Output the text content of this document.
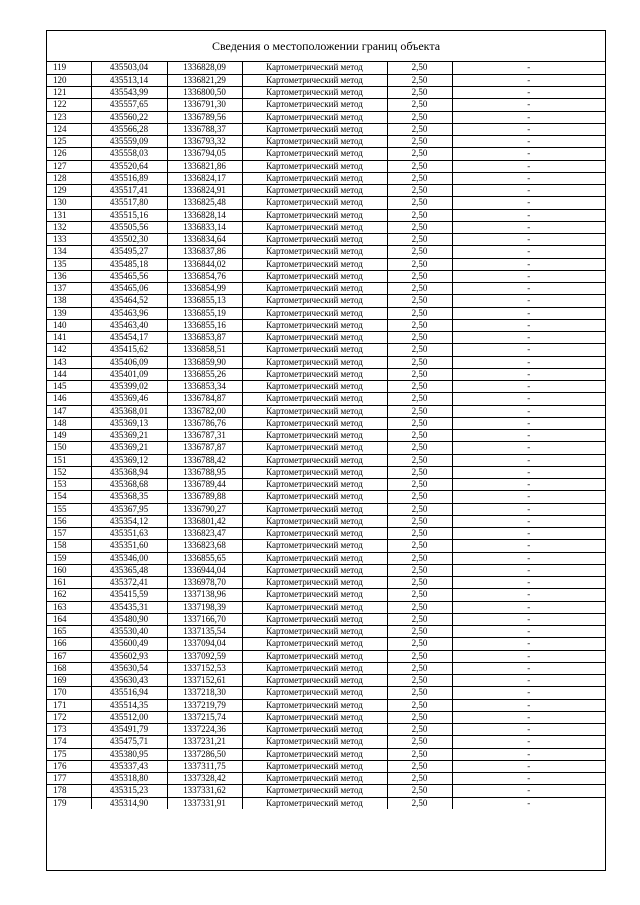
Сведения о местоположении границ объекта
119	435503,04	1336828,09	Картометрический метод	2,50	-
120	435513,14	1336821,29	Картометрический метод	2,50	-
121	435543,99	1336800,50	Картометрический метод	2,50	-
122	435557,65	1336791,30	Картометрический метод	2,50	-
123	435560,22	1336789,56	Картометрический метод	2,50	-
124	435566,28	1336788,37	Картометрический метод	2,50	-
125	435559,09	1336793,32	Картометрический метод	2,50	-
126	435558,03	1336794,05	Картометрический метод	2,50	-
127	435520,64	1336821,86	Картометрический метод	2,50	-
128	435516,89	1336824,17	Картометрический метод	2,50	-
129	435517,41	1336824,91	Картометрический метод	2,50	-
130	435517,80	1336825,48	Картометрический метод	2,50	-
131	435515,16	1336828,14	Картометрический метод	2,50	-
132	435505,56	1336833,14	Картометрический метод	2,50	-
133	435502,30	1336834,64	Картометрический метод	2,50	-
134	435495,27	1336837,86	Картометрический метод	2,50	-
135	435485,18	1336844,02	Картометрический метод	2,50	-
136	435465,56	1336854,76	Картометрический метод	2,50	-
137	435465,06	1336854,99	Картометрический метод	2,50	-
138	435464,52	1336855,13	Картометрический метод	2,50	-
139	435463,96	1336855,19	Картометрический метод	2,50	-
140	435463,40	1336855,16	Картометрический метод	2,50	-
141	435454,17	1336853,87	Картометрический метод	2,50	-
142	435415,62	1336858,51	Картометрический метод	2,50	-
143	435406,09	1336859,90	Картометрический метод	2,50	-
144	435401,09	1336855,26	Картометрический метод	2,50	-
145	435399,02	1336853,34	Картометрический метод	2,50	-
146	435369,46	1336784,87	Картометрический метод	2,50	-
147	435368,01	1336782,00	Картометрический метод	2,50	-
148	435369,13	1336786,76	Картометрический метод	2,50	-
149	435369,21	1336787,31	Картометрический метод	2,50	-
150	435369,21	1336787,87	Картометрический метод	2,50	-
151	435369,12	1336788,42	Картометрический метод	2,50	-
152	435368,94	1336788,95	Картометрический метод	2,50	-
153	435368,68	1336789,44	Картометрический метод	2,50	-
154	435368,35	1336789,88	Картометрический метод	2,50	-
155	435367,95	1336790,27	Картометрический метод	2,50	-
156	435354,12	1336801,42	Картометрический метод	2,50	-
157	435351,63	1336823,47	Картометрический метод	2,50	-
158	435351,60	1336823,68	Картометрический метод	2,50	-
159	435346,00	1336855,65	Картометрический метод	2,50	-
160	435365,48	1336944,04	Картометрический метод	2,50	-
161	435372,41	1336978,70	Картометрический метод	2,50	-
162	435415,59	1337138,96	Картометрический метод	2,50	-
163	435435,31	1337198,39	Картометрический метод	2,50	-
164	435480,90	1337166,70	Картометрический метод	2,50	-
165	435530,40	1337135,54	Картометрический метод	2,50	-
166	435600,49	1337094,04	Картометрический метод	2,50	-
167	435602,93	1337092,59	Картометрический метод	2,50	-
168	435630,54	1337152,53	Картометрический метод	2,50	-
169	435630,43	1337152,61	Картометрический метод	2,50	-
170	435516,94	1337218,30	Картометрический метод	2,50	-
171	435514,35	1337219,79	Картометрический метод	2,50	-
172	435512,00	1337215,74	Картометрический метод	2,50	-
173	435491,79	1337224,36	Картометрический метод	2,50	-
174	435475,71	1337231,21	Картометрический метод	2,50	-
175	435380,95	1337286,50	Картометрический метод	2,50	-
176	435337,43	1337311,75	Картометрический метод	2,50	-
177	435318,80	1337328,42	Картометрический метод	2,50	-
178	435315,23	1337331,62	Картометрический метод	2,50	-
179	435314,90	1337331,91	Картометрический метод	2,50	-
